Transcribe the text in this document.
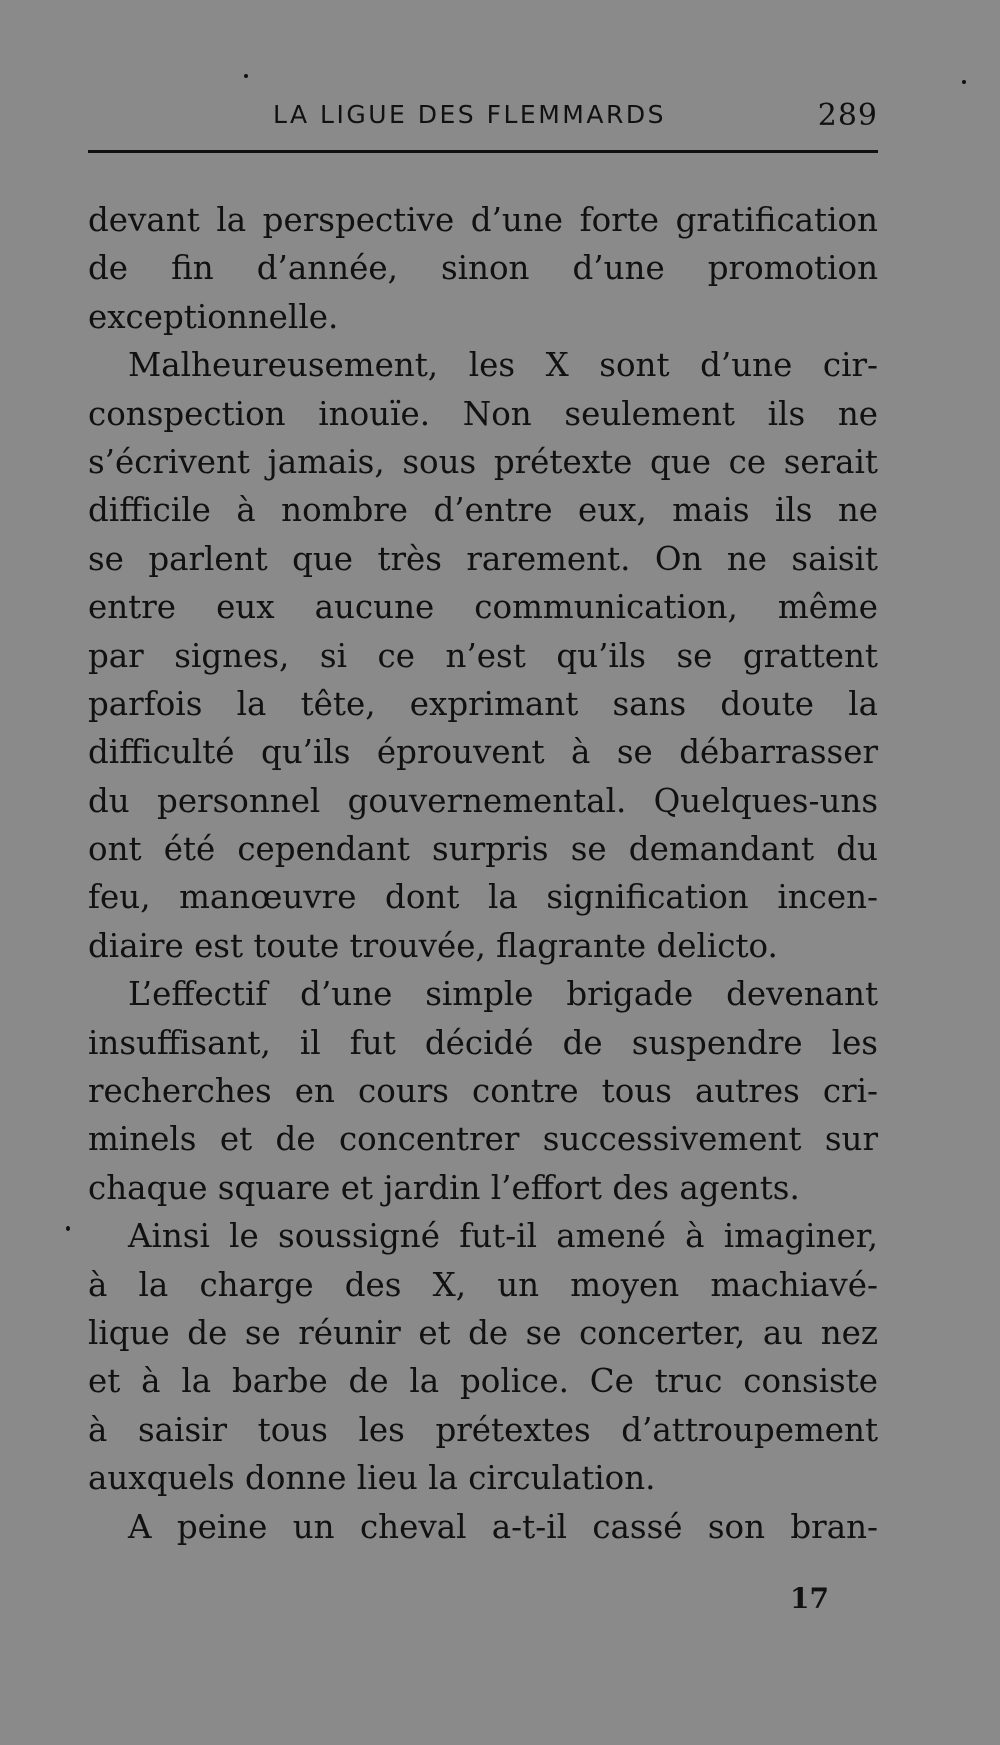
LA LIGUE DES FLEMMARDS	289
devant la perspective d’une forte gratification
de fin d’année, sinon d’une promotion
exceptionnelle.
Malheureusement, les X sont d’une cir-
conspection inouïe. Non seulement ils ne
s’écrivent jamais, sous prétexte que ce serait
difficile à nombre d’entre eux, mais ils ne
se parlent que très rarement. On ne saisit
entre eux aucune communication, même
par signes, si ce n’est qu’ils se grattent
parfois la tête, exprimant sans doute la
difficulté qu’ils éprouvent à se débarrasser
du personnel gouvernemental. Quelques-uns
ont été cependant surpris se demandant du
feu, manœuvre dont la signification incen-
diaire est toute trouvée, flagrante delicto.
L’effectif d’une simple brigade devenant
insuffisant, il fut décidé de suspendre les
recherches en cours contre tous autres cri-
minels et de concentrer successivement sur
chaque square et jardin l’effort des agents.
Ainsi le soussigné fut-il amené à imaginer,
à la charge des X, un moyen machiavé-
lique de se réunir et de se concerter, au nez
et à la barbe de la police. Ce truc consiste
à saisir tous les prétextes d’attroupement
auxquels donne lieu la circulation.
A peine un cheval a-t-il cassé son bran-
17
